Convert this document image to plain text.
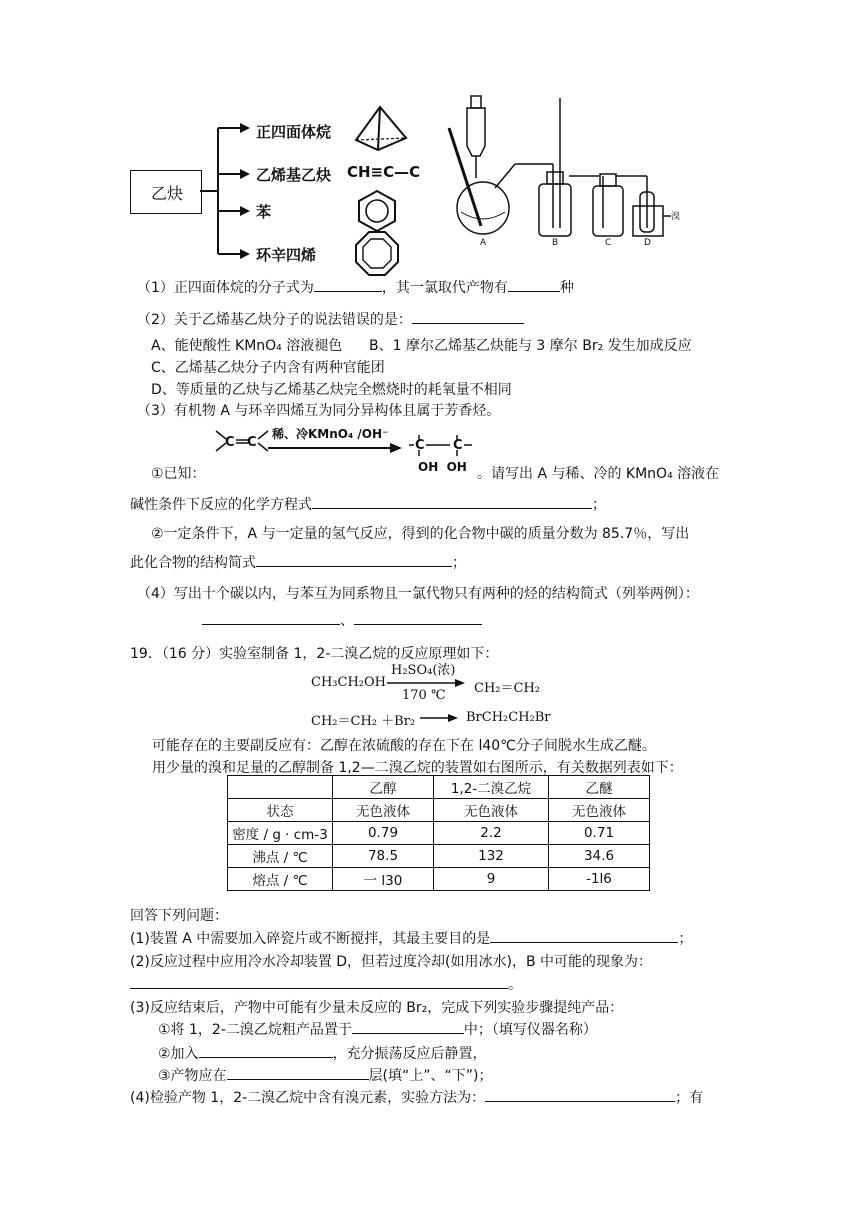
乙炔
正四面体烷
乙烯基乙炔
苯
环辛四烯
CH≡C—C
A	B	C	D
溴
（1）正四面体烷的分子式为	，其一氯取代产物有	种
（2）关于乙烯基乙炔分子的说法错误的是：
A、能使酸性 KMnO₄ 溶液褪色 B、1 摩尔乙烯基乙炔能与 3 摩尔 Br₂ 发生加成反应
C、乙烯基乙炔分子内含有两种官能团
D、等质量的乙炔与乙烯基乙炔完全燃烧时的耗氧量不相同
（3）有机物 A 与环辛四烯互为同分异构体且属于芳香烃。
C C	C C
稀、冷KMnO₄ /OH⁻
OH  OH
①已知：	。请写出 A 与稀、冷的 KMnO₄ 溶液在
碱性条件下反应的化学方程式	；
②一定条件下，A 与一定量的氢气反应，得到的化合物中碳的质量分数为 85.7％，写出
此化合物的结构简式	；
（4）写出十个碳以内，与苯互为同系物且一氯代物只有两种的烃的结构简式（列举两例）：
、
19．（16 分）实验室制备 1，2-二溴乙烷的反应原理如下：
CH₃CH₂OH
H₂SO₄(浓)
170 ℃ CH₂＝CH₂
CH₂＝CH₂ ＋Br₂	BrCH₂CH₂Br
可能存在的主要副反应有：乙醇在浓硫酸的存在下在 l40℃分子间脱水生成乙醚。
用少量的溴和足量的乙醇制备 1,2—二溴乙烷的装置如右图所示，有关数据列表如下：
	乙醇	1,2-二溴乙烷	乙醚
状态	无色液体	无色液体	无色液体
密度 / g · cm-3	0.79	2.2	0.71
沸点 / ℃	78.5	132	34.6
熔点 / ℃	一 l30	9	-1l6
回答下列问题：
(1)装置 A 中需要加入碎瓷片或不断搅拌，其最主要目的是	；
(2)反应过程中应用冷水冷却装置 D，但若过度冷却(如用冰水)，B 中可能的现象为：
。
(3)反应结束后，产物中可能有少量未反应的 Br₂，完成下列实验步骤提纯产品：
①将 1，2-二溴乙烷粗产品置于	中；（填写仪器名称）
②加入	，充分振荡反应后静置，
③产物应在	层(填“上”、“下”)；
(4)检验产物 1，2-二溴乙烷中含有溴元素，实验方法为：	；有
